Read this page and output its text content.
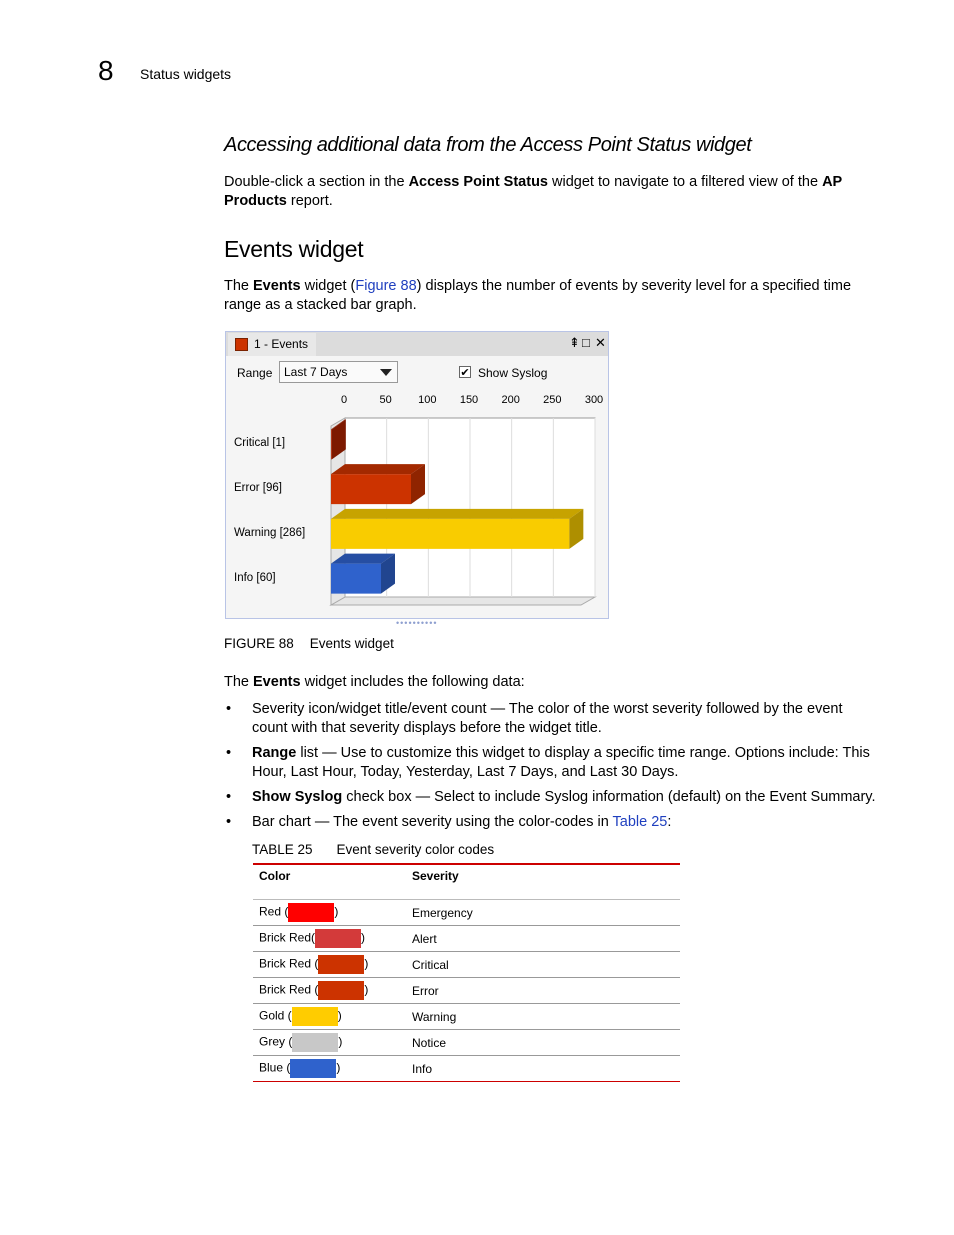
8 Status widgets
Accessing additional data from the Access Point Status widget
Double-click a section in the Access Point Status widget to navigate to a filtered view of the AP Products report.
Events widget
The Events widget (Figure 88) displays the number of events by severity level for a specified time range as a stacked bar graph.
1 - Events	⇞ □ ✕
Range Last 7 Days	✔ Show Syslog
0	50 100 150 200 250 300
Critical [1]
Error [96]
Warning [286]
Info [60]
••••••••••
FIGURE 88 Events widget
The Events widget includes the following data:
• Severity icon/widget title/event count — The color of the worst severity followed by the event count with that severity displays before the widget title.
• Range list — Use to customize this widget to display a specific time range. Options include: This Hour, Last Hour, Today, Yesterday, Last 7 Days, and Last 30 Days.
• Show Syslog check box — Select to include Syslog information (default) on the Event Summary.
• Bar chart — The event severity using the color-codes in Table 25:
TABLE 25 Event severity color codes
Color	Severity
Red ( )	Emergency
Brick Red( )	Alert
Brick Red ( )	Critical
Brick Red ( )	Error
Gold ( )	Warning
Grey ( )	Notice
Blue ( )	Info
